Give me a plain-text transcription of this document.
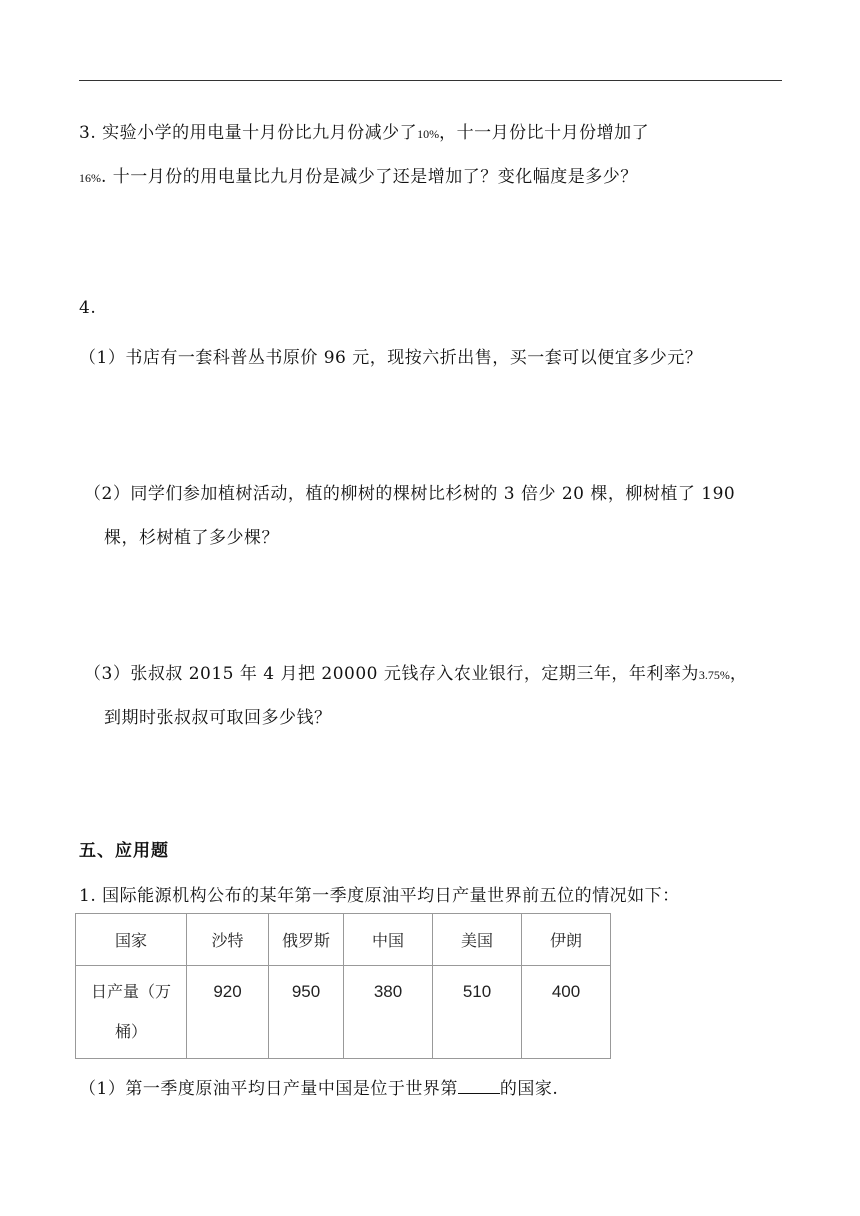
3. 实验小学的用电量十月份比九月份减少了10%，十一月份比十月份增加了
16%. 十一月份的用电量比九月份是减少了还是增加了？变化幅度是多少？
4.
（1）书店有一套科普丛书原价 96 元，现按六折出售，买一套可以便宜多少元？
（2）同学们参加植树活动，植的柳树的棵树比杉树的 3 倍少 20 棵，柳树植了 190
棵，杉树植了多少棵？
（3）张叔叔 2015 年 4 月把 20000 元钱存入农业银行，定期三年，年利率为3.75%，
到期时张叔叔可取回多少钱？
五、应用题
1. 国际能源机构公布的某年第一季度原油平均日产量世界前五位的情况如下：
国家	沙特	俄罗斯	中国	美国	伊朗

日产量（万
桶）	920	950	380	510	400
（1）第一季度原油平均日产量中国是位于世界第 的国家.
